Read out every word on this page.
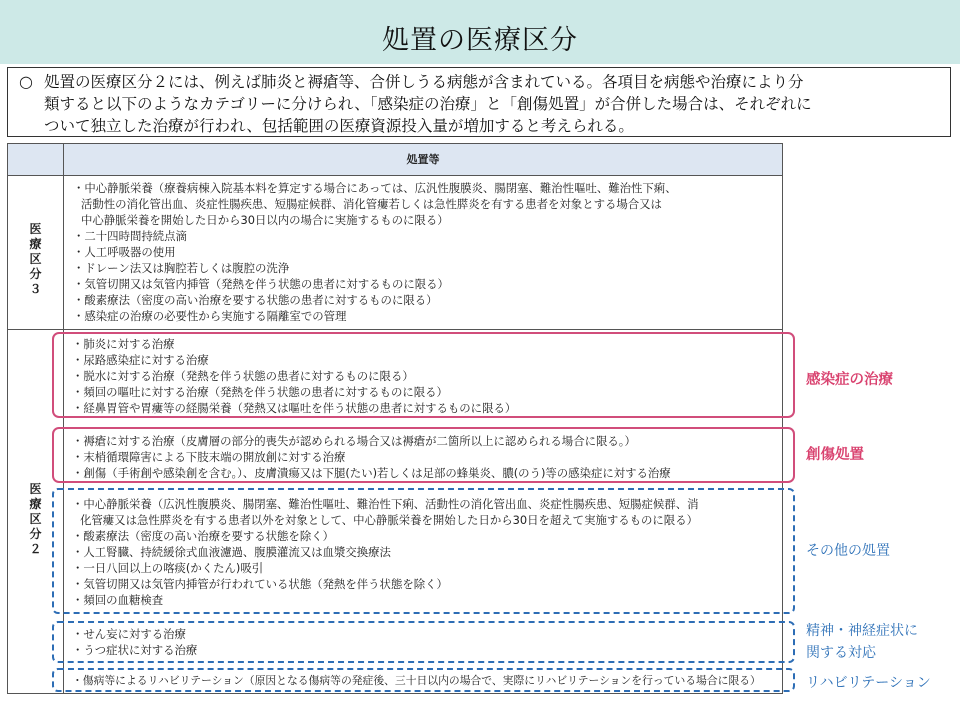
処置の医療区分
○ 処置の医療区分２には、例えば肺炎と褥瘡等、合併しうる病態が含まれている。各項目を病態や治療により分
類すると以下のようなカテゴリーに分けられ、「感染症の治療」と「創傷処置」が合併した場合は、それぞれに
ついて独立した治療が行われ、包括範囲の医療資源投入量が増加すると考えられる。
処置等
医
療
区
分
３
・中心静脈栄養（療養病棟入院基本料を算定する場合にあっては、広汎性腹膜炎、腸閉塞、難治性嘔吐、難治性下痢、
活動性の消化管出血、炎症性腸疾患、短腸症候群、消化管瘻若しくは急性膵炎を有する患者を対象とする場合又は
中心静脈栄養を開始した日から30日以内の場合に実施するものに限る）
・二十四時間持続点滴
・人工呼吸器の使用
・ドレーン法又は胸腔若しくは腹腔の洗浄
・気管切開又は気管内挿管（発熱を伴う状態の患者に対するものに限る）
・酸素療法（密度の高い治療を要する状態の患者に対するものに限る）
・感染症の治療の必要性から実施する隔離室での管理
医
療
区
分
２
・肺炎に対する治療
・尿路感染症に対する治療
・脱水に対する治療（発熱を伴う状態の患者に対するものに限る）
・頻回の嘔吐に対する治療（発熱を伴う状態の患者に対するものに限る）
・経鼻胃管や胃瘻等の経腸栄養（発熱又は嘔吐を伴う状態の患者に対するものに限る）
感染症の治療
・褥瘡に対する治療（皮膚層の部分的喪失が認められる場合又は褥瘡が二箇所以上に認められる場合に限る。）
・末梢循環障害による下肢末端の開放創に対する治療
・創傷（手術創や感染創を含む。）、皮膚潰瘍又は下腿(たい)若しくは足部の蜂巣炎、膿(のう)等の感染症に対する治療
創傷処置
・中心静脈栄養（広汎性腹膜炎、腸閉塞、難治性嘔吐、難治性下痢、活動性の消化管出血、炎症性腸疾患、短腸症候群、消
化管瘻又は急性膵炎を有する患者以外を対象として、中心静脈栄養を開始した日から30日を超えて実施するものに限る）
・酸素療法（密度の高い治療を要する状態を除く）
・人工腎臓、持続緩徐式血液濾過、腹膜灌流又は血漿交換療法
・一日八回以上の喀痰(かくたん)吸引
・気管切開又は気管内挿管が行われている状態（発熱を伴う状態を除く）
・頻回の血糖検査
その他の処置
・せん妄に対する治療
・うつ症状に対する治療
精神・神経症状に
関する対応
・傷病等によるリハビリテーション（原因となる傷病等の発症後、三十日以内の場合で、実際にリハビリテーションを行っている場合に限る）	リハビリテーション
